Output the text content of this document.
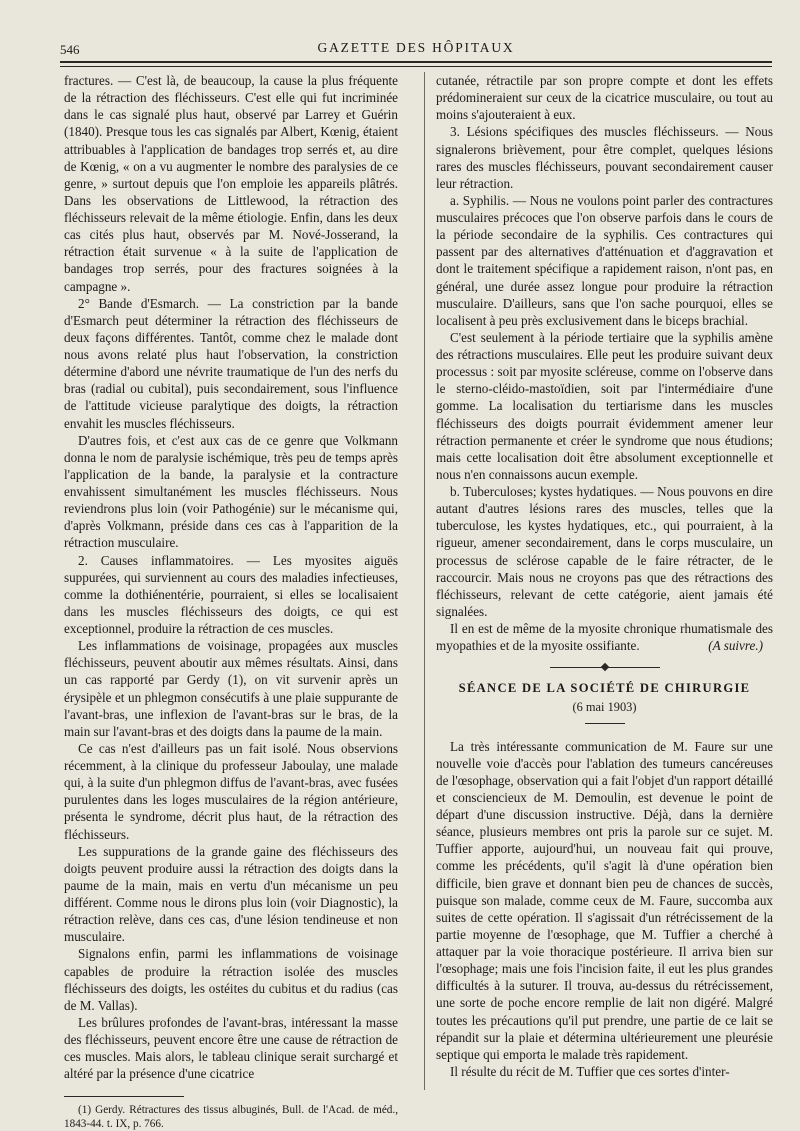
546	GAZETTE DES HÔPITAUX

fractures. — C'est là, de beaucoup, la cause la plus fréquente de la rétraction des fléchisseurs. C'est elle qui fut incriminée dans le cas signalé plus haut, observé par Larrey et Guérin (1840). Presque tous les cas signalés par Albert, Kœnig, étaient attribuables à l'application de bandages trop serrés et, au dire de Kœnig, « on a vu augmenter le nombre des paralysies de ce genre, » surtout depuis que l'on emploie les appareils plâtrés. Dans les observations de Littlewood, la rétraction des fléchisseurs relevait de la même étiologie. Enfin, dans les deux cas cités plus haut, observés par M. Nové-Josserand, la rétraction était survenue « à la suite de l'application de bandages trop serrés, pour des fractures soignées à la campagne ».

2° Bande d'Esmarch. — La constriction par la bande d'Esmarch peut déterminer la rétraction des fléchisseurs de deux façons différentes. Tantôt, comme chez le malade dont nous avons relaté plus haut l'observation, la constriction détermine d'abord une névrite traumatique de l'un des nerfs du bras (radial ou cubital), puis secondairement, sous l'influence de l'attitude vicieuse paralytique des doigts, la rétraction envahit les muscles fléchisseurs.

D'autres fois, et c'est aux cas de ce genre que Volkmann donna le nom de paralysie ischémique, très peu de temps après l'application de la bande, la paralysie et la contracture envahissent simultanément les muscles fléchisseurs. Nous reviendrons plus loin (voir Pathogénie) sur le mécanisme qui, d'après Volkmann, préside dans ces cas à l'apparition de la rétraction musculaire.

2. Causes inflammatoires. — Les myosites aiguës suppurées, qui surviennent au cours des maladies infectieuses, comme la dothiénentérie, pourraient, si elles se localisaient dans les muscles fléchisseurs des doigts, ce qui est exceptionnel, produire la rétraction de ces muscles.

Les inflammations de voisinage, propagées aux muscles fléchisseurs, peuvent aboutir aux mêmes résultats. Ainsi, dans un cas rapporté par Gerdy (1), on vit survenir après un érysipèle et un phlegmon consécutifs à une plaie suppurante de l'avant-bras, une inflexion de l'avant-bras sur le bras, de la main sur l'avant-bras et des doigts dans la paume de la main.

Ce cas n'est d'ailleurs pas un fait isolé. Nous observions récemment, à la clinique du professeur Jaboulay, une malade qui, à la suite d'un phlegmon diffus de l'avant-bras, avec fusées purulentes dans les loges musculaires de la région antérieure, présenta le syndrome, décrit plus haut, de la rétraction des fléchisseurs.

Les suppurations de la grande gaine des fléchisseurs des doigts peuvent produire aussi la rétraction des doigts dans la paume de la main, mais en vertu d'un mécanisme un peu différent. Comme nous le dirons plus loin (voir Diagnostic), la rétraction relève, dans ces cas, d'une lésion tendineuse et non musculaire.

Signalons enfin, parmi les inflammations de voisinage capables de produire la rétraction isolée des muscles fléchisseurs des doigts, les ostéites du cubitus et du radius (cas de M. Vallas).

Les brûlures profondes de l'avant-bras, intéressant la masse des fléchisseurs, peuvent encore être une cause de rétraction de ces muscles. Mais alors, le tableau clinique serait surchargé et altéré par la présence d'une cicatrice

(1) Gerdy. Rétractures des tissus albuginés, Bull. de l'Acad. de méd., 1843-44. t. IX, p. 766.

cutanée, rétractile par son propre compte et dont les effets prédomineraient sur ceux de la cicatrice musculaire, ou tout au moins s'ajouteraient à eux.

3. Lésions spécifiques des muscles fléchisseurs. — Nous signalerons brièvement, pour être complet, quelques lésions rares des muscles fléchisseurs, pouvant secondairement causer leur rétraction.

a. Syphilis. — Nous ne voulons point parler des contractures musculaires précoces que l'on observe parfois dans le cours de la période secondaire de la syphilis. Ces contractures qui passent par des alternatives d'atténuation et d'aggravation et dont le traitement spécifique a rapidement raison, n'ont pas, en général, une durée assez longue pour produire la rétraction musculaire. D'ailleurs, sans que l'on sache pourquoi, elles se localisent à peu près exclusivement dans le biceps brachial.

C'est seulement à la période tertiaire que la syphilis amène des rétractions musculaires. Elle peut les produire suivant deux processus : soit par myosite scléreuse, comme on l'observe dans le sterno-cléido-mastoïdien, soit par l'intermédiaire d'une gomme. La localisation du tertiarisme dans les muscles fléchisseurs des doigts pourrait évidemment amener leur rétraction permanente et créer le syndrome que nous étudions; mais cette localisation doit être absolument exceptionnelle et nous n'en connaissons aucun exemple.

b. Tuberculoses; kystes hydatiques. — Nous pouvons en dire autant d'autres lésions rares des muscles, telles que la tuberculose, les kystes hydatiques, etc., qui pourraient, à la rigueur, amener secondairement, dans le corps musculaire, un processus de sclérose capable de le faire rétracter, de le raccourcir. Mais nous ne croyons pas que des rétractions des fléchisseurs, relevant de cette catégorie, aient jamais été signalées.

Il en est de même de la myosite chronique rhumatismale des myopathies et de la myosite ossifiante.	(A suivre.)

SÉANCE DE LA SOCIÉTÉ DE CHIRURGIE
(6 mai 1903)

La très intéressante communication de M. Faure sur une nouvelle voie d'accès pour l'ablation des tumeurs cancéreuses de l'œsophage, observation qui a fait l'objet d'un rapport détaillé et consciencieux de M. Demoulin, est devenue le point de départ d'une discussion instructive. Déjà, dans la dernière séance, plusieurs membres ont pris la parole sur ce sujet. M. Tuffier apporte, aujourd'hui, un nouveau fait qui prouve, comme les précédents, qu'il s'agit là d'une opération bien difficile, bien grave et donnant bien peu de chances de succès, puisque son malade, comme ceux de M. Faure, succomba aux suites de cette opération. Il s'agissait d'un rétrécissement de la partie moyenne de l'œsophage, que M. Tuffier a cherché à attaquer par la voie thoracique postérieure. Il arriva bien sur l'œsophage; mais une fois l'incision faite, il eut les plus grandes difficultés à la suturer. Il trouva, au-dessus du rétrécissement, une sorte de poche encore remplie de lait non digéré. Malgré toutes les précautions qu'il put prendre, une partie de ce lait se répandit sur la plaie et détermina ultérieurement une pleurésie septique qui emporta le malade très rapidement.

Il résulte du récit de M. Tuffier que ces sortes d'inter-
